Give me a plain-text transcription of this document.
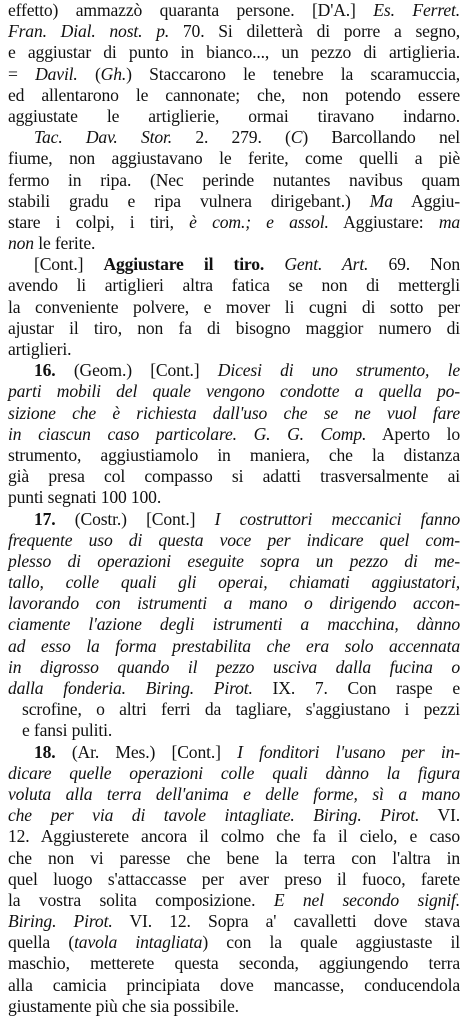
effetto) ammazzò quaranta persone. [D'A.] Es. Ferret.
Fran. Dial. nost. p. 70. Si diletterà di porre a segno,
e aggiustar di punto in bianco..., un pezzo di artiglieria.
= Davil. (Gh.) Staccarono le tenebre la scaramuccia,
ed allentarono le cannonate; che, non potendo essere
aggiustate le artiglierie, ormai tiravano indarno.
Tac. Dav. Stor. 2. 279. (C) Barcollando nel
fiume, non aggiustavano le ferite, come quelli a piè
fermo in ripa. (Nec perinde nutantes navibus quam
stabili gradu e ripa vulnera dirigebant.) Ma Aggiu-
stare i colpi, i tiri, è com.; e assol. Aggiustare: ma
non le ferite.
[Cont.] Aggiustare il tiro. Gent. Art. 69. Non
avendo li artiglieri altra fatica se non di mettergli
la conveniente polvere, e mover li cugni di sotto per
ajustar il tiro, non fa di bisogno maggior numero di
artiglieri.
16. (Geom.) [Cont.] Dicesi di uno strumento, le
parti mobili del quale vengono condotte a quella po-
sizione che è richiesta dall'uso che se ne vuol fare
in ciascun caso particolare. G. G. Comp. Aperto lo
strumento, aggiustiamolo in maniera, che la distanza
già presa col compasso si adatti trasversalmente ai
punti segnati 100 100.
17. (Costr.) [Cont.] I costruttori meccanici fanno
frequente uso di questa voce per indicare quel com-
plesso di operazioni eseguite sopra un pezzo di me-
tallo, colle quali gli operai, chiamati aggiustatori,
lavorando con istrumenti a mano o dirigendo accon-
ciamente l'azione degli istrumenti a macchina, dànno
ad esso la forma prestabilita che era solo accennata
in digrosso quando il pezzo usciva dalla fucina o
dalla fonderia. Biring. Pirot. IX. 7. Con raspe e
scrofine, o altri ferri da tagliare, s'aggiustano i pezzi
e fansi puliti.
18. (Ar. Mes.) [Cont.] I fonditori l'usano per in-
dicare quelle operazioni colle quali dànno la figura
voluta alla terra dell'anima e delle forme, sì a mano
che per via di tavole intagliate. Biring. Pirot. VI.
12. Aggiusterete ancora il colmo che fa il cielo, e caso
che non vi paresse che bene la terra con l'altra in
quel luogo s'attaccasse per aver preso il fuoco, farete
la vostra solita composizione. E nel secondo signif.
Biring. Pirot. VI. 12. Sopra a' cavalletti dove stava
quella (tavola intagliata) con la quale aggiustaste il
maschio, metterete questa seconda, aggiungendo terra
alla camicia principiata dove mancasse, conducendola
giustamente più che sia possibile.
